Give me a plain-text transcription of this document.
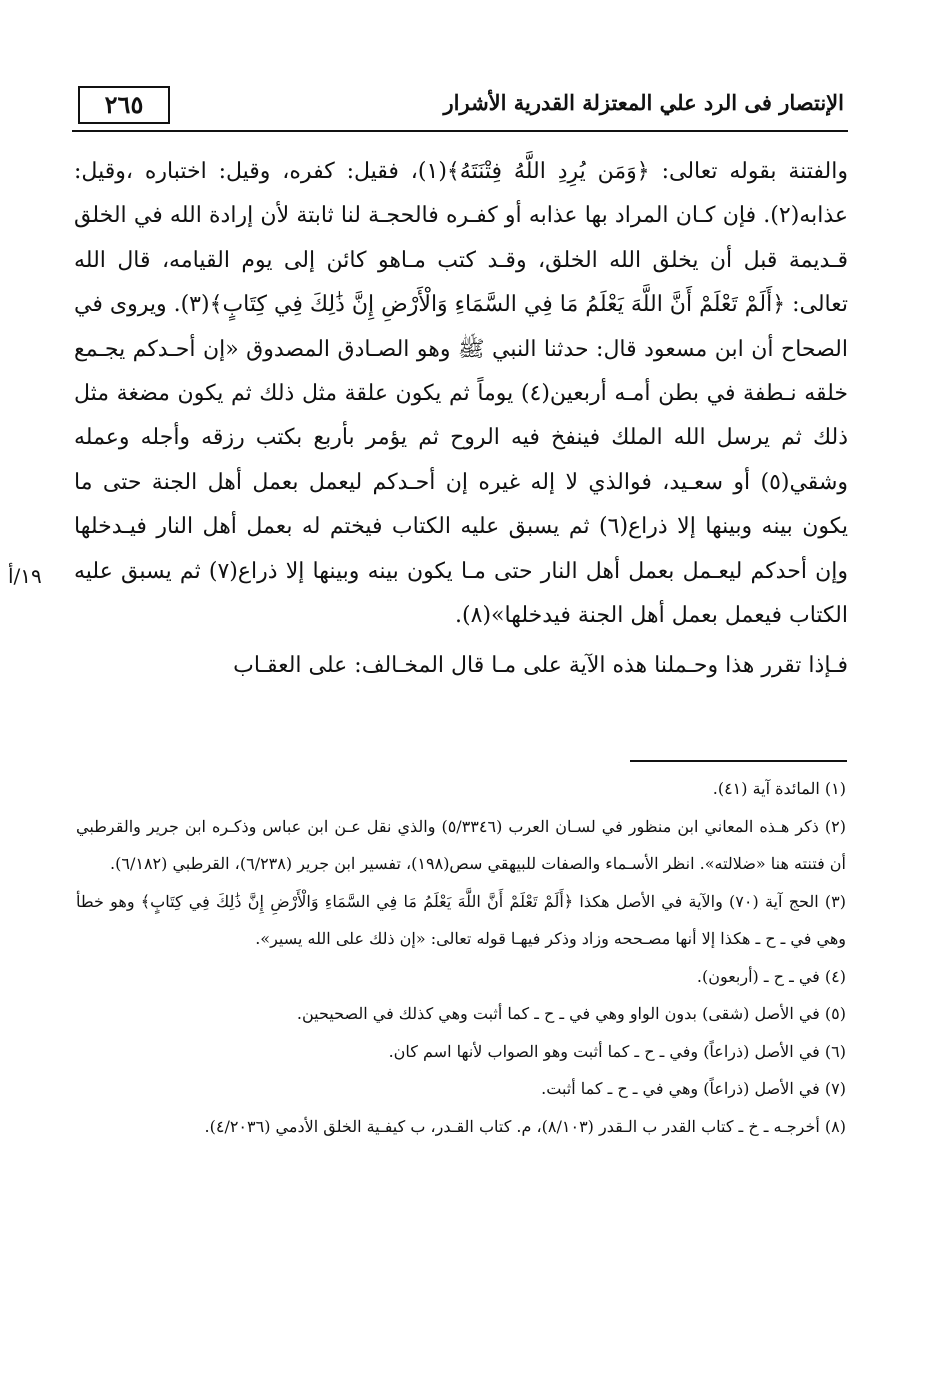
٢٦٥	الإنتصار فى الرد علي المعتزلة القدرية الأشرار
١٩/أ

والفتنة بقوله تعالى: ﴿وَمَن يُرِدِ اللَّهُ فِتْنَتَهُ﴾(١)، فقيل: كفره، وقيل: اختباره ،وقيل: عذابه(٢). فإن كـان المراد بها عذابه أو كفـره فالحجـة لنا ثابتة لأن إرادة الله في الخلق قـديمة قبل أن يخلق الله الخلق، وقـد كتب مـاهو كائن إلى يوم القيامه، قال الله تعالى: ﴿أَلَمْ تَعْلَمْ أَنَّ اللَّهَ يَعْلَمُ مَا فِي السَّمَاءِ وَالْأَرْضِ إِنَّ ذَٰلِكَ فِي كِتَابٍ﴾(٣). ويروى في الصحاح أن ابن مسعود قال: حدثنا النبي ﷺ وهو الصـادق المصدوق «إن أحـدكم يجـمع خلقه نـطفة في بطن أمـه أربعين(٤) يوماً ثم يكون علقة مثل ذلك ثم يكون مضغة مثل ذلك ثم يرسل الله الملك فينفخ فيه الروح ثم يؤمر بأربع بكتب رزقه وأجله وعمله وشقي(٥) أو سعـيد، فوالذي لا إله غيره إن أحـدكم ليعمل بعمل أهل الجنة حتى ما يكون بينه وبينها إلا ذراع(٦) ثم يسبق عليه الكتاب فيختم له بعمل أهل النار فيـدخلها وإن أحدكم ليعـمل بعمل أهل النار حتى مـا يكون بينه وبينها إلا ذراع(٧) ثم يسبق عليه الكتاب فيعمل بعمل أهل الجنة فيدخلها»(٨).

فـإذا تقرر هذا وحـملنا هذه الآية على مـا قال المخـالف: على العقـاب

(١) المائدة آية (٤١).

(٢) ذكر هـذه المعاني ابن منظور في لسـان العرب (٥/٣٣٤٦) والذي نقل عـن ابن عباس وذكـره ابن جرير والقرطبي أن فتنته هنا «ضلالته». انظر الأسـماء والصفات للبيهقي سص(١٩٨)، تفسير ابن جرير (٦/٢٣٨)، القرطبي (٦/١٨٢).

(٣) الحج آية (٧٠) والآية في الأصل هكذا ﴿أَلَمْ تَعْلَمْ أَنَّ اللَّهَ يَعْلَمُ مَا فِي السَّمَاءِ وَالْأَرْضِ إِنَّ ذَٰلِكَ فِي كِتَابٍ﴾ وهو خطأ وهي في ـ ح ـ هكذا إلا أنها مصـححه وزاد وذكر فيهـا قوله تعالى: «إن ذلك على الله يسير».

(٤) في ـ ح ـ (أربعون).

(٥) في الأصل (شقى) بدون الواو وهي في ـ ح ـ كما أثبت وهي كذلك في الصحيحين.

(٦) في الأصل (ذراعاً) وفي ـ ح ـ كما أثبت وهو الصواب لأنها اسم كان.

(٧) في الأصل (ذراعاً) وهي في ـ ح ـ كما أثبت.

(٨) أخرجـه ـ خ ـ كتاب القدر ب الـقدر (٨/١٠٣)، م. كتاب القـدر، ب كيفـية الخلق الأدمي (٤/٢٠٣٦).
